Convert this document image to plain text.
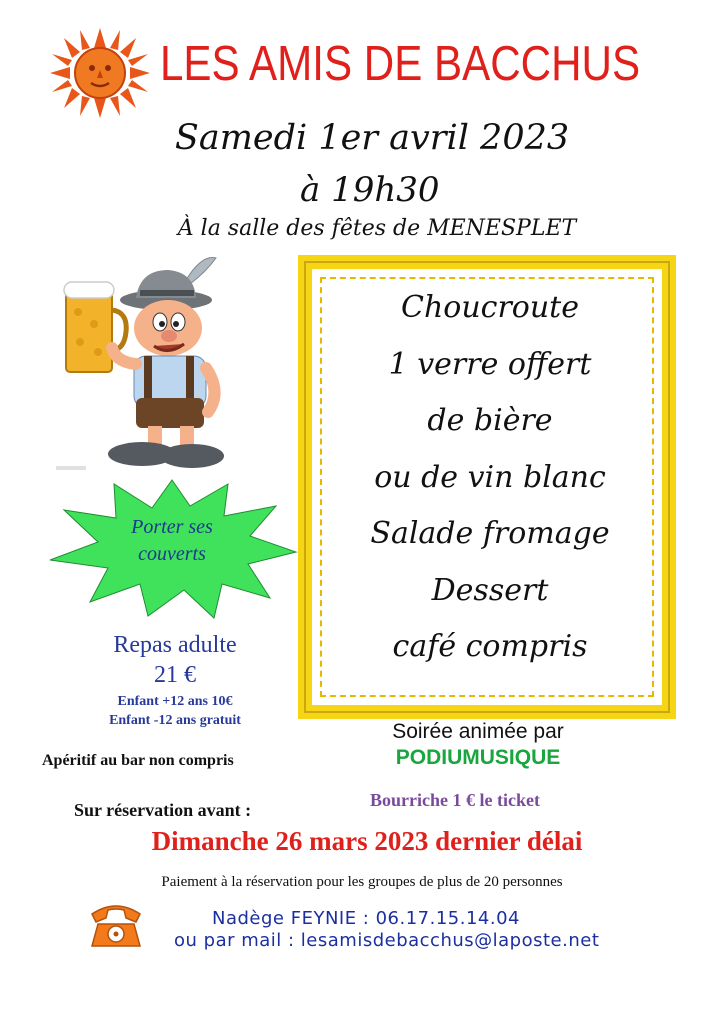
LES AMIS DE BACCHUS
Samedi 1er avril 2023
à 19h30
À la salle des fêtes de MENESPLET
Choucroute
1 verre offert
de bière
ou de vin blanc
Salade fromage
Dessert
café compris
Porter ses
couverts
Repas adulte
21 €
Enfant +12 ans 10€
Enfant -12 ans gratuit
Apéritif au bar non compris
Soirée animée par
PODIUMUSIQUE
Bourriche 1 € le ticket
Sur réservation avant :
Dimanche 26 mars 2023 dernier délai
Paiement à la réservation pour les groupes de plus de 20 personnes
Nadège FEYNIE : 06.17.15.14.04
ou par mail : lesamisdebacchus@laposte.net
